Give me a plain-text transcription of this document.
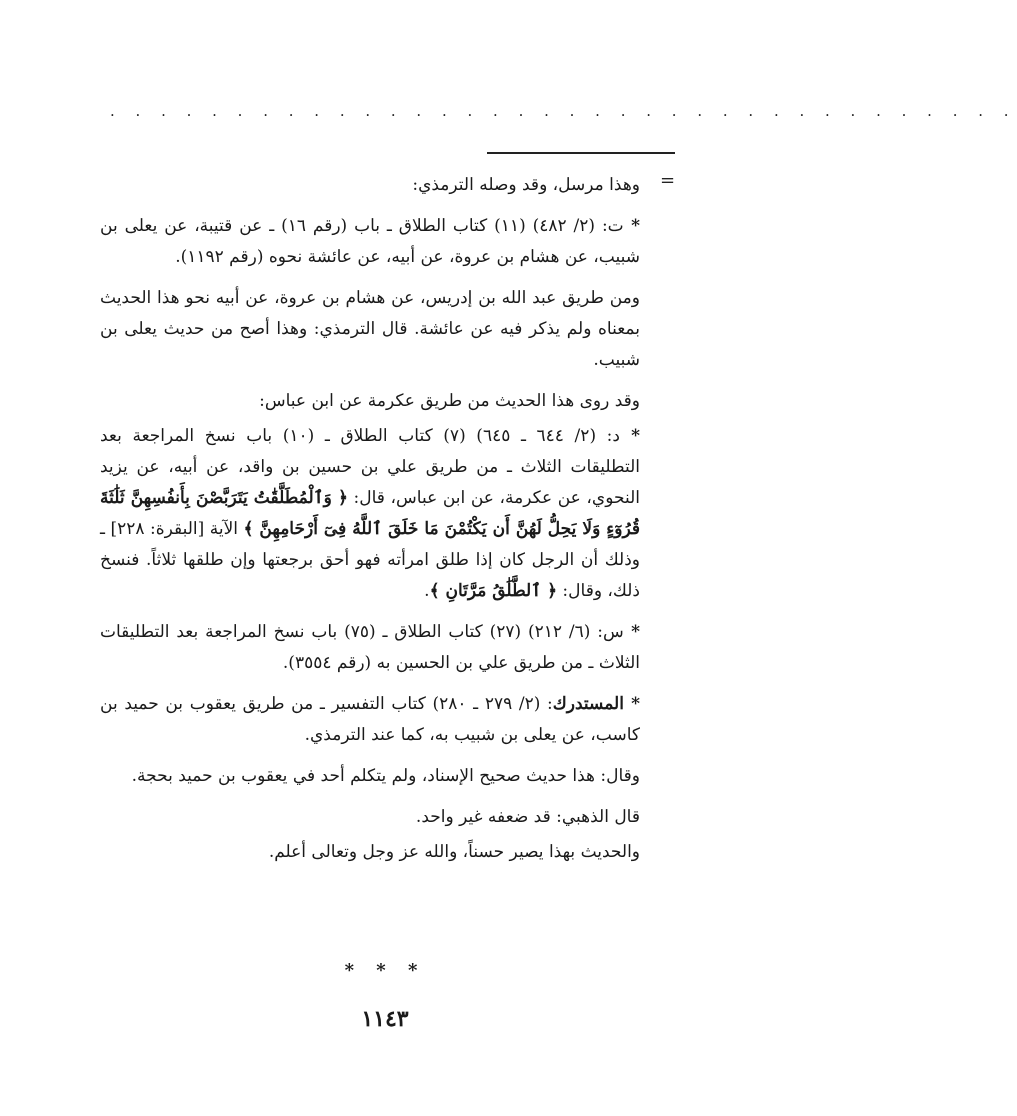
· · · · · · · · · · · · · · · · · · · · · · · · · · · · · · · · · · · ·
=

وهذا مرسل، وقد وصله الترمذي:

* ت: (٢/ ٤٨٢) (١١) كتاب الطلاق ـ باب (رقم ١٦) ـ عن قتيبة، عن يعلى بن شبيب، عن هشام بن عروة، عن أبيه، عن عائشة نحوه (رقم ١١٩٢).

ومن طريق عبد الله بن إدريس، عن هشام بن عروة، عن أبيه نحو هذا الحديث بمعناه ولم يذكر فيه عن عائشة. قال الترمذي: وهذا أصح من حديث يعلى بن شبيب.

وقد روى هذا الحديث من طريق عكرمة عن ابن عباس:

* د: (٢/ ٦٤٤ ـ ٦٤٥) (٧) كتاب الطلاق ـ (١٠) باب نسخ المراجعة بعد التطليقات الثلاث ـ من طريق علي بن حسين بن واقد، عن أبيه، عن يزيد النحوي، عن عكرمة، عن ابن عباس، قال: ﴿ وَٱلْمُطَلَّقَٰتُ يَتَرَبَّصْنَ بِأَنفُسِهِنَّ ثَلَٰثَةَ قُرُوٓءٍ وَلَا يَحِلُّ لَهُنَّ أَن يَكْتُمْنَ مَا خَلَقَ ٱللَّهُ فِىٓ أَرْحَامِهِنَّ ﴾ الآية [البقرة: ٢٢٨] ـ وذلك أن الرجل كان إذا طلق امرأته فهو أحق برجعتها وإن طلقها ثلاثاً. فنسخ ذلك، وقال: ﴿ ٱلطَّلَٰقُ مَرَّتَانِ ﴾.

* س: (٦/ ٢١٢) (٢٧) كتاب الطلاق ـ (٧٥) باب نسخ المراجعة بعد التطليقات الثلاث ـ من طريق علي بن الحسين به (رقم ٣٥٥٤).

* المستدرك: (٢/ ٢٧٩ ـ ٢٨٠) كتاب التفسير ـ من طريق يعقوب بن حميد بن كاسب، عن يعلى بن شبيب به، كما عند الترمذي.

وقال: هذا حديث صحيح الإسناد، ولم يتكلم أحد في يعقوب بن حميد بحجة.

قال الذهبي: قد ضعفه غير واحد.

والحديث بهذا يصير حسناً، والله عز وجل وتعالى أعلم.

* * *
١١٤٣
